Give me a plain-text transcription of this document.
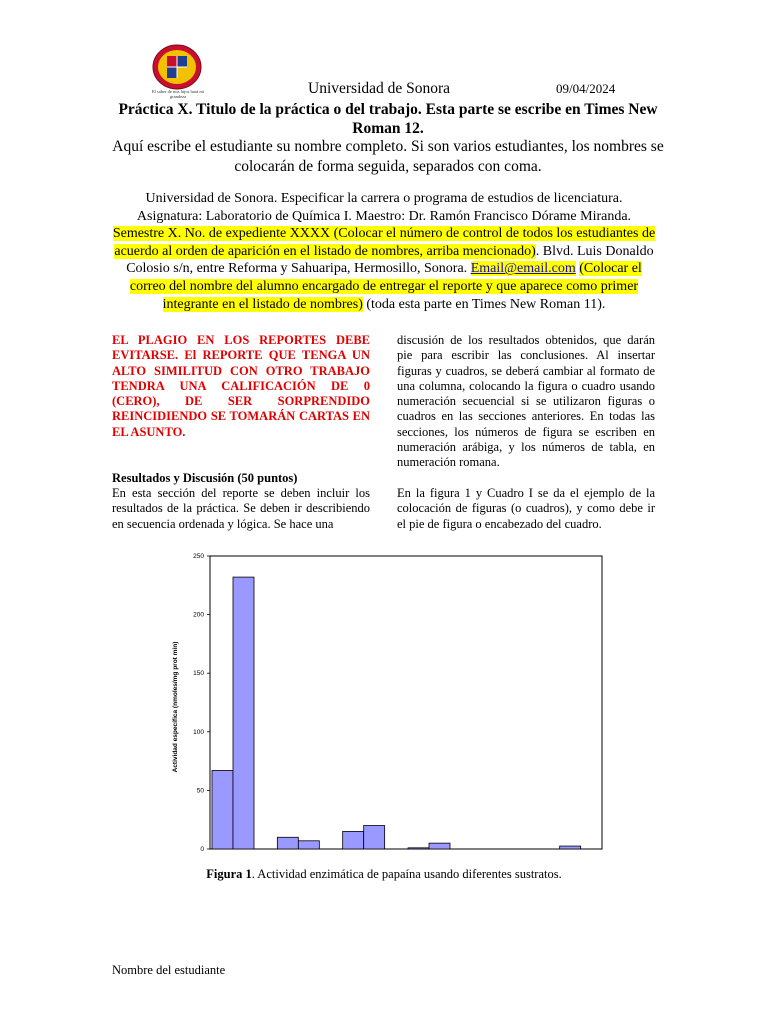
El saber de mis hijos hará mi grandeza	Universidad de Sonora	09/04/2024
Práctica X. Titulo de la práctica o del trabajo. Esta parte se escribe en Times New Roman 12.
Aquí escribe el estudiante su nombre completo. Si son varios estudiantes, los nombres se colocarán de forma seguida, separados con coma.
Universidad de Sonora. Especificar la carrera o programa de estudios de licenciatura. Asignatura: Laboratorio de Química I. Maestro: Dr. Ramón Francisco Dórame Miranda. Semestre X. No. de expediente XXXX (Colocar el número de control de todos los estudiantes de acuerdo al orden de aparición en el listado de nombres, arriba mencionado). Blvd. Luis Donaldo Colosio s/n, entre Reforma y Sahuaripa, Hermosillo, Sonora. Email@email.com (Colocar el correo del nombre del alumno encargado de entregar el reporte y que aparece como primer integrante en el listado de nombres) (toda esta parte en Times New Roman 11).
EL PLAGIO EN LOS REPORTES DEBE EVITARSE. El REPORTE QUE TENGA UN ALTO SIMILITUD CON OTRO TRABAJO TENDRA UNA CALIFICACIÓN DE 0 (CERO), DE SER SORPRENDIDO REINCIDIENDO SE TOMARÁN CARTAS EN EL ASUNTO.
Resultados y Discusión (50 puntos)
En esta sección del reporte se deben incluir los resultados de la práctica. Se deben ir describiendo en secuencia ordenada y lógica. Se hace una
discusión de los resultados obtenidos, que darán pie para escribir las conclusiones. Al insertar figuras y cuadros, se deberá cambiar al formato de una columna, colocando la figura o cuadro usando numeración secuencial si se utilizaron figuras o cuadros en las secciones anteriores. En todas las secciones, los números de figura se escriben en numeración arábiga, y los números de tabla, en numeración romana.
En la figura 1 y Cuadro I se da el ejemplo de la colocación de figuras (o cuadros), y como debe ir el pie de figura o encabezado del cuadro.
Actividad específica (nmoles/mg prot min)
0
50
100
150
200
250
Figura 1. Actividad enzimática de papaína usando diferentes sustratos.
Nombre del estudiante
